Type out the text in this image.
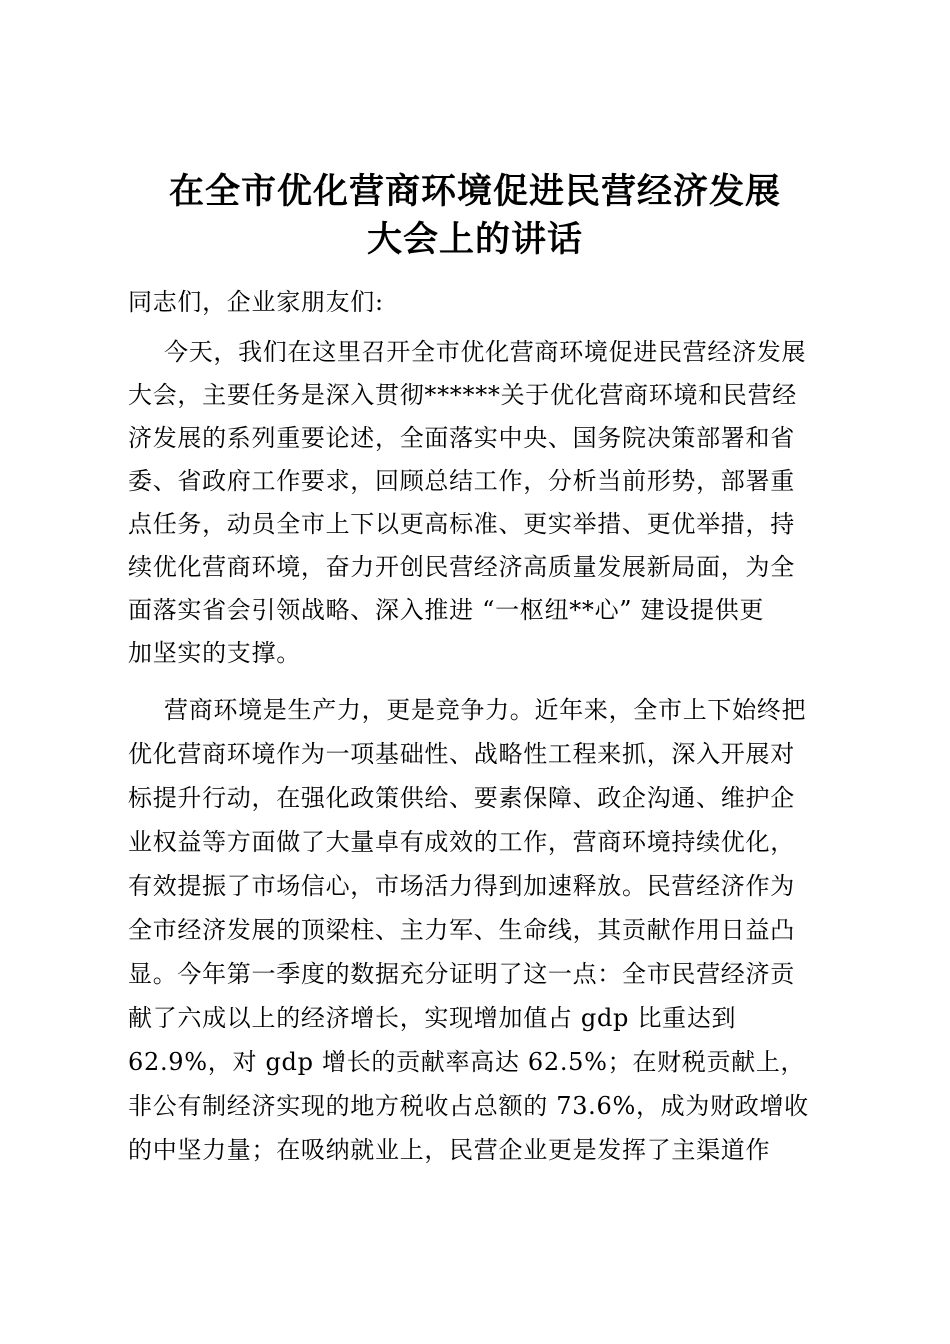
在全市优化营商环境促进民营经济发展
大会上的讲话
同志们，企业家朋友们:
今天，我们在这里召开全市优化营商环境促进民营经济发展
大会，主要任务是深入贯彻******关于优化营商环境和民营经
济发展的系列重要论述，全面落实中央、国务院决策部署和省
委、省政府工作要求，回顾总结工作，分析当前形势，部署重
点任务，动员全市上下以更高标准、更实举措、更优举措，持
续优化营商环境，奋力开创民营经济高质量发展新局面，为全
面落实省会引领战略、深入推进 “一枢纽**心” 建设提供更
加坚实的支撑。
营商环境是生产力，更是竞争力。近年来，全市上下始终把
优化营商环境作为一项基础性、战略性工程来抓，深入开展对
标提升行动，在强化政策供给、要素保障、政企沟通、维护企
业权益等方面做了大量卓有成效的工作，营商环境持续优化，
有效提振了市场信心，市场活力得到加速释放。民营经济作为
全市经济发展的顶梁柱、主力军、生命线，其贡献作用日益凸
显。今年第一季度的数据充分证明了这一点：全市民营经济贡
献了六成以上的经济增长，实现增加值占 gdp 比重达到
62.9%，对 gdp 增长的贡献率高达 62.5%；在财税贡献上，
非公有制经济实现的地方税收占总额的 73.6%，成为财政增收
的中坚力量；在吸纳就业上，民营企业更是发挥了主渠道作
